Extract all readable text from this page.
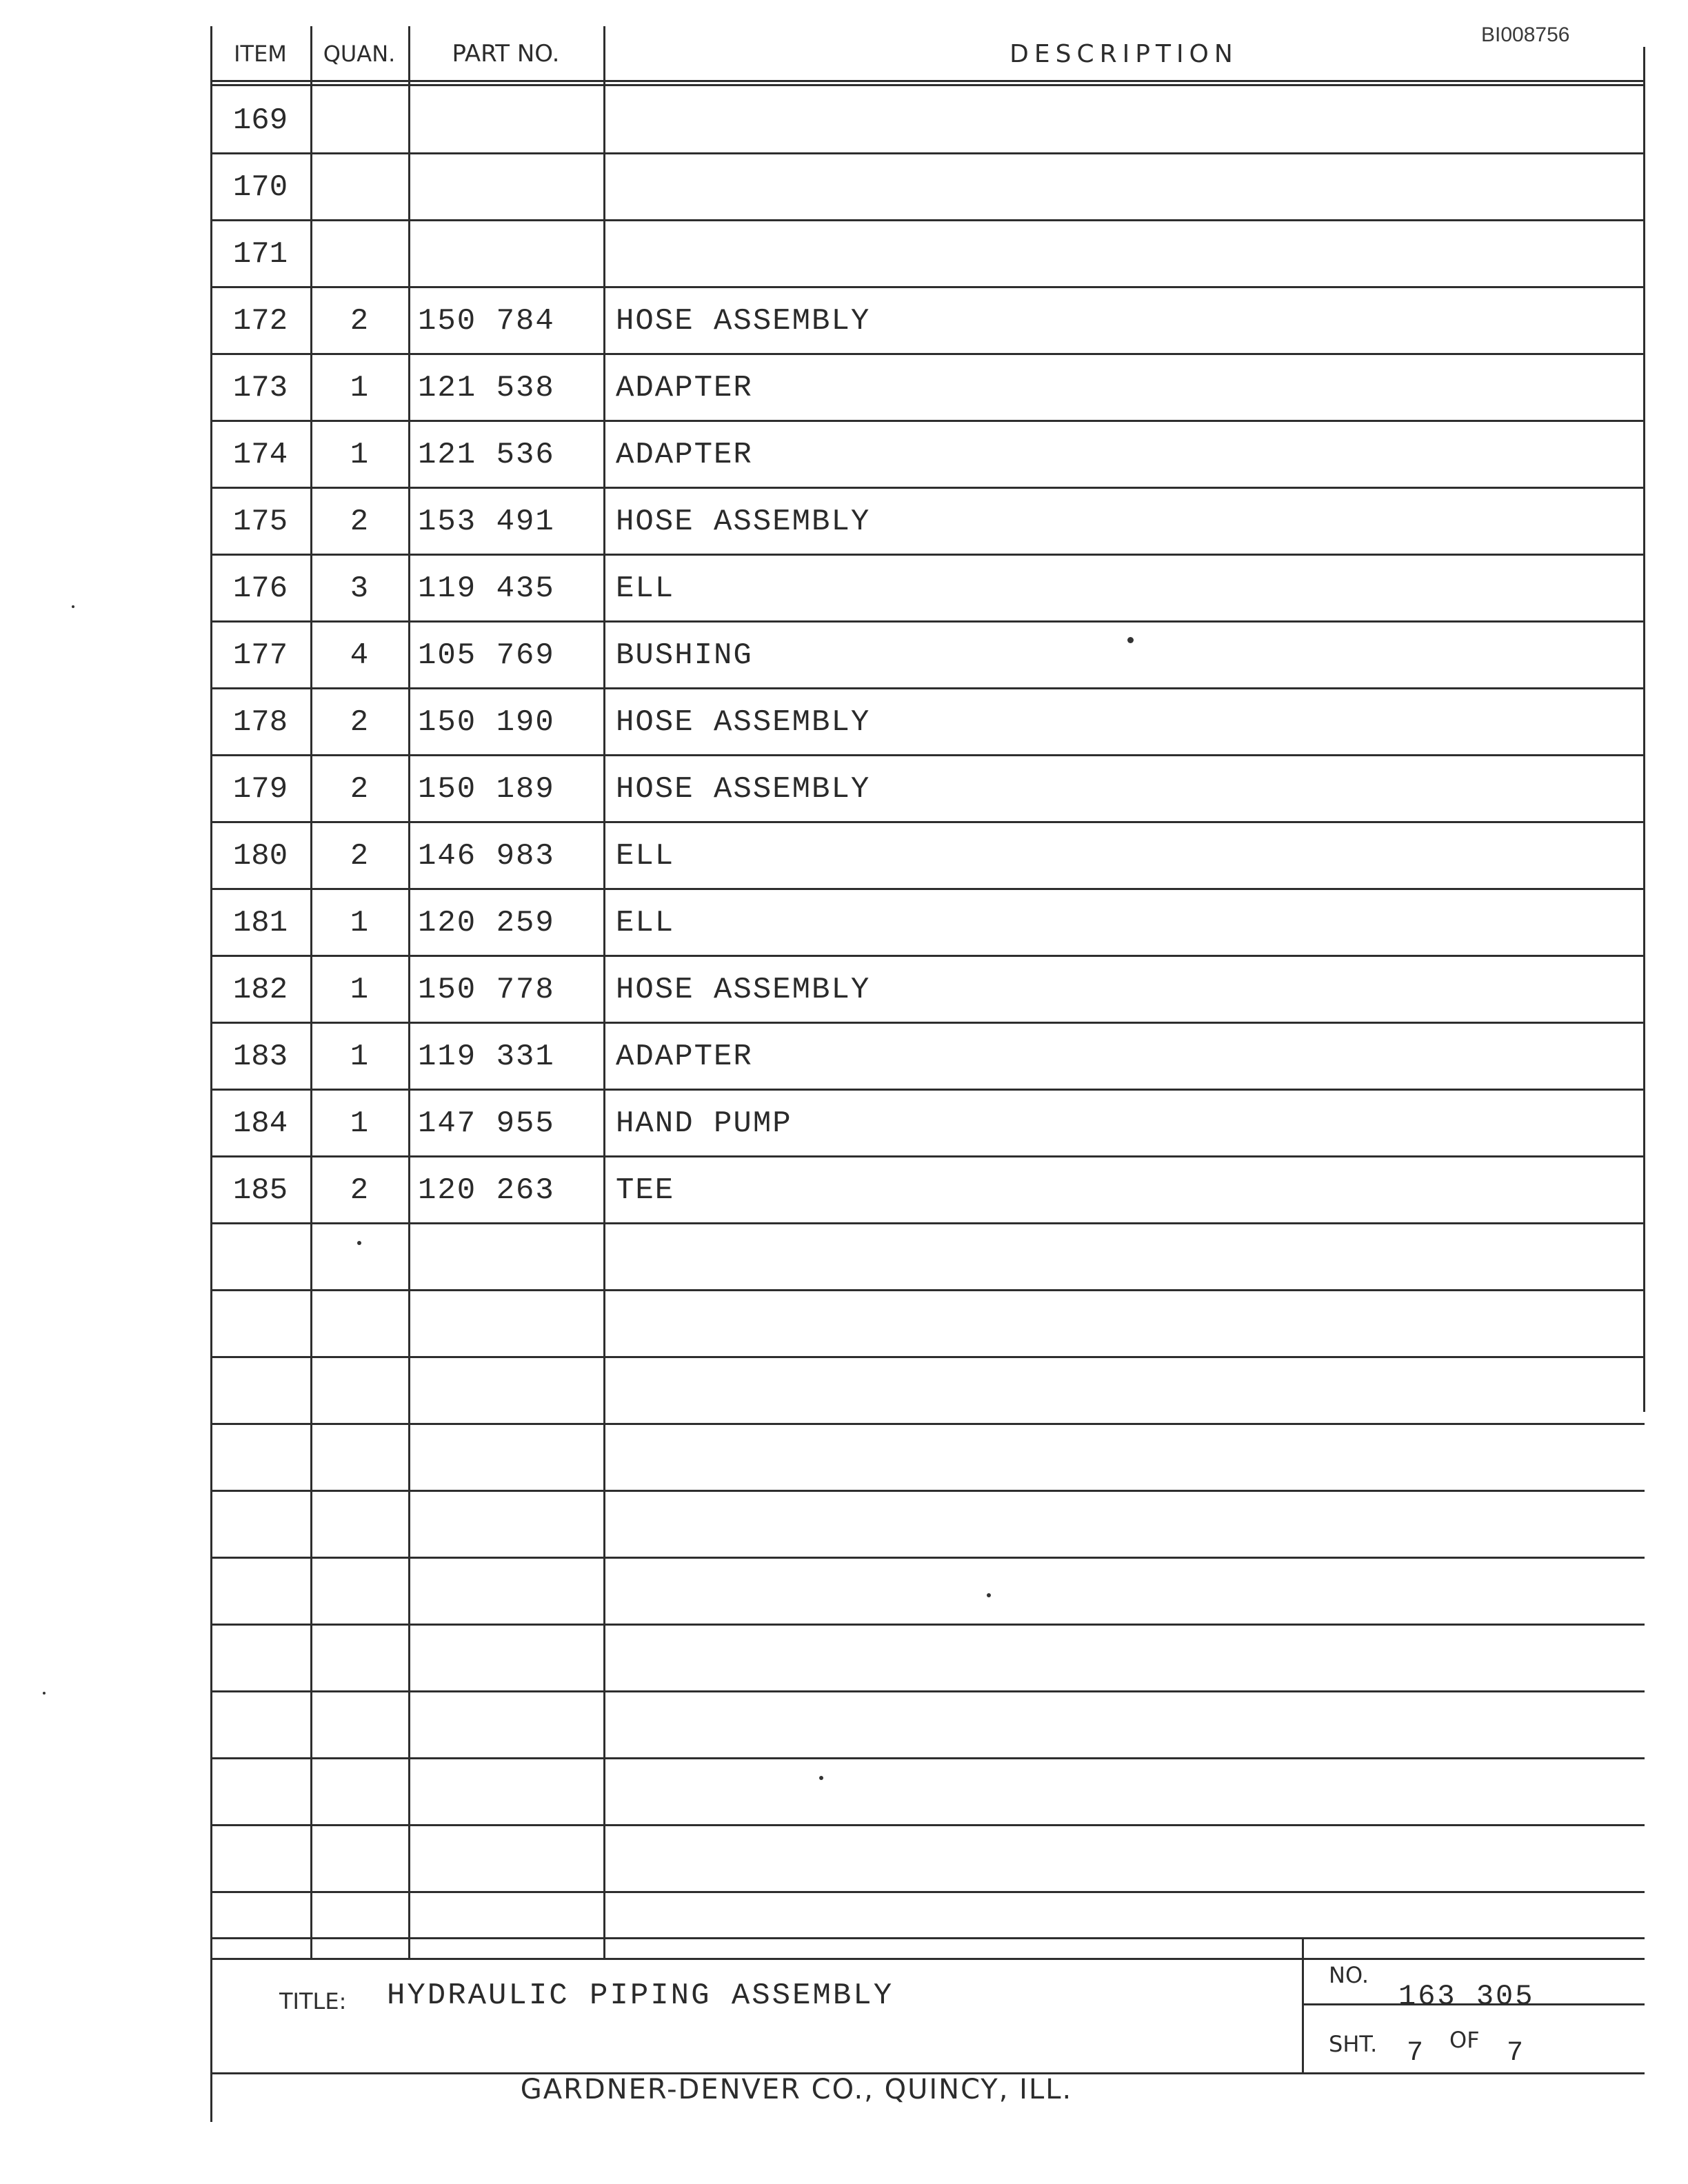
BI008756
ITEM	QUAN.	PART NO.	DESCRIPTION
169
170
171
172	2	150 784	HOSE ASSEMBLY
173	1	121 538	ADAPTER
174	1	121 536	ADAPTER
175	2	153 491	HOSE ASSEMBLY
176	3	119 435	ELL
177	4	105 769	BUSHING
178	2	150 190	HOSE ASSEMBLY
179	2	150 189	HOSE ASSEMBLY
180	2	146 983	ELL
181	1	120 259	ELL
182	1	150 778	HOSE ASSEMBLY
183	1	119 331	ADAPTER
184	1	147 955	HAND PUMP
185	2	120 263	TEE
TITLE: HYDRAULIC PIPING ASSEMBLY
NO.
163 305
SHT. 7 OF 7
GARDNER-DENVER CO., QUINCY, ILL.
